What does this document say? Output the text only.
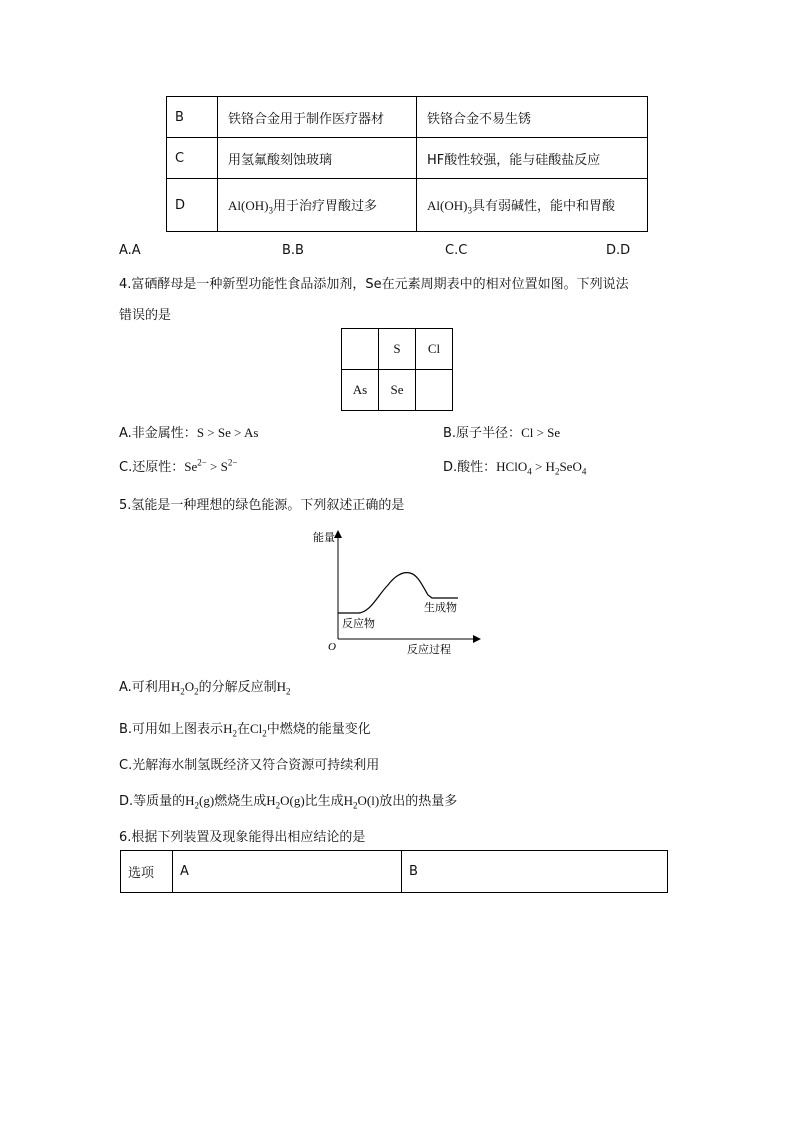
B	铁铬合金用于制作医疗器材	铁铬合金不易生锈
C	用氢氟酸刻蚀玻璃	HF酸性较强，能与硅酸盐反应
D	$Al(OH)_3$用于治疗胃酸过多	$Al(OH)_3$具有弱碱性，能中和胃酸
A.A	B.B	C.C	D.D
4.富硒酵母是一种新型功能性食品添加剂，Se在元素周期表中的相对位置如图。下列说法
错误的是
	S	Cl
As	Se	
A.非金属性：S > Se > As	B.原子半径：Cl > Se
C.还原性：$Se^{2-} > S^{2-}$	D.酸性：HClO$_4$ > $H_2SeO_4$
5.氢能是一种理想的绿色能源。下列叙述正确的是
能量
反应过程
O
反应物
生成物
A.可利用$H_2O_2$的分解反应制$H_2$
B.可用如上图表示$H_2$在$Cl_2$中燃烧的能量变化
C.光解海水制氢既经济又符合资源可持续利用
D.等质量的$H_2(g)$燃烧生成$H_2O(g)$比生成$H_2O(l)$放出的热量多
6.根据下列装置及现象能得出相应结论的是
选项	A	B
